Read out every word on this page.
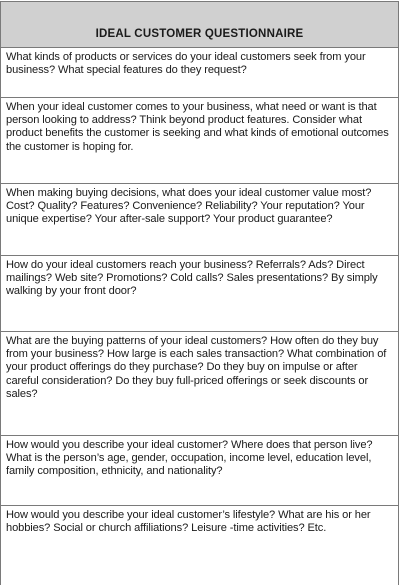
IDEAL CUSTOMER QUESTIONNAIRE
What kinds of products or services do your ideal customers seek from your business? What special features do they request?
When your ideal customer comes to your business, what need or want is that person looking to address? Think beyond product features. Consider what product benefits the customer is seeking and what kinds of emotional outcomes the customer is hoping for.
When making buying decisions, what does your ideal customer value most? Cost? Quality? Features? Convenience? Reliability? Your reputation? Your unique expertise? Your after-sale support? Your product guarantee?
How do your ideal customers reach your business? Referrals? Ads? Direct mailings? Web site? Promotions? Cold calls? Sales presentations? By simply walking by your front door?
What are the buying patterns of your ideal customers? How often do they buy from your business? How large is each sales transaction? What combination of your product offerings do they purchase? Do they buy on impulse or after careful consideration? Do they buy full-priced offerings or seek discounts or sales?
How would you describe your ideal customer? Where does that person live? What is the person’s age, gender, occupation, income level, education level, family composition, ethnicity, and nationality?
How would you describe your ideal customer’s lifestyle? What are his or her hobbies? Social or church affiliations? Leisure -time activities? Etc.
